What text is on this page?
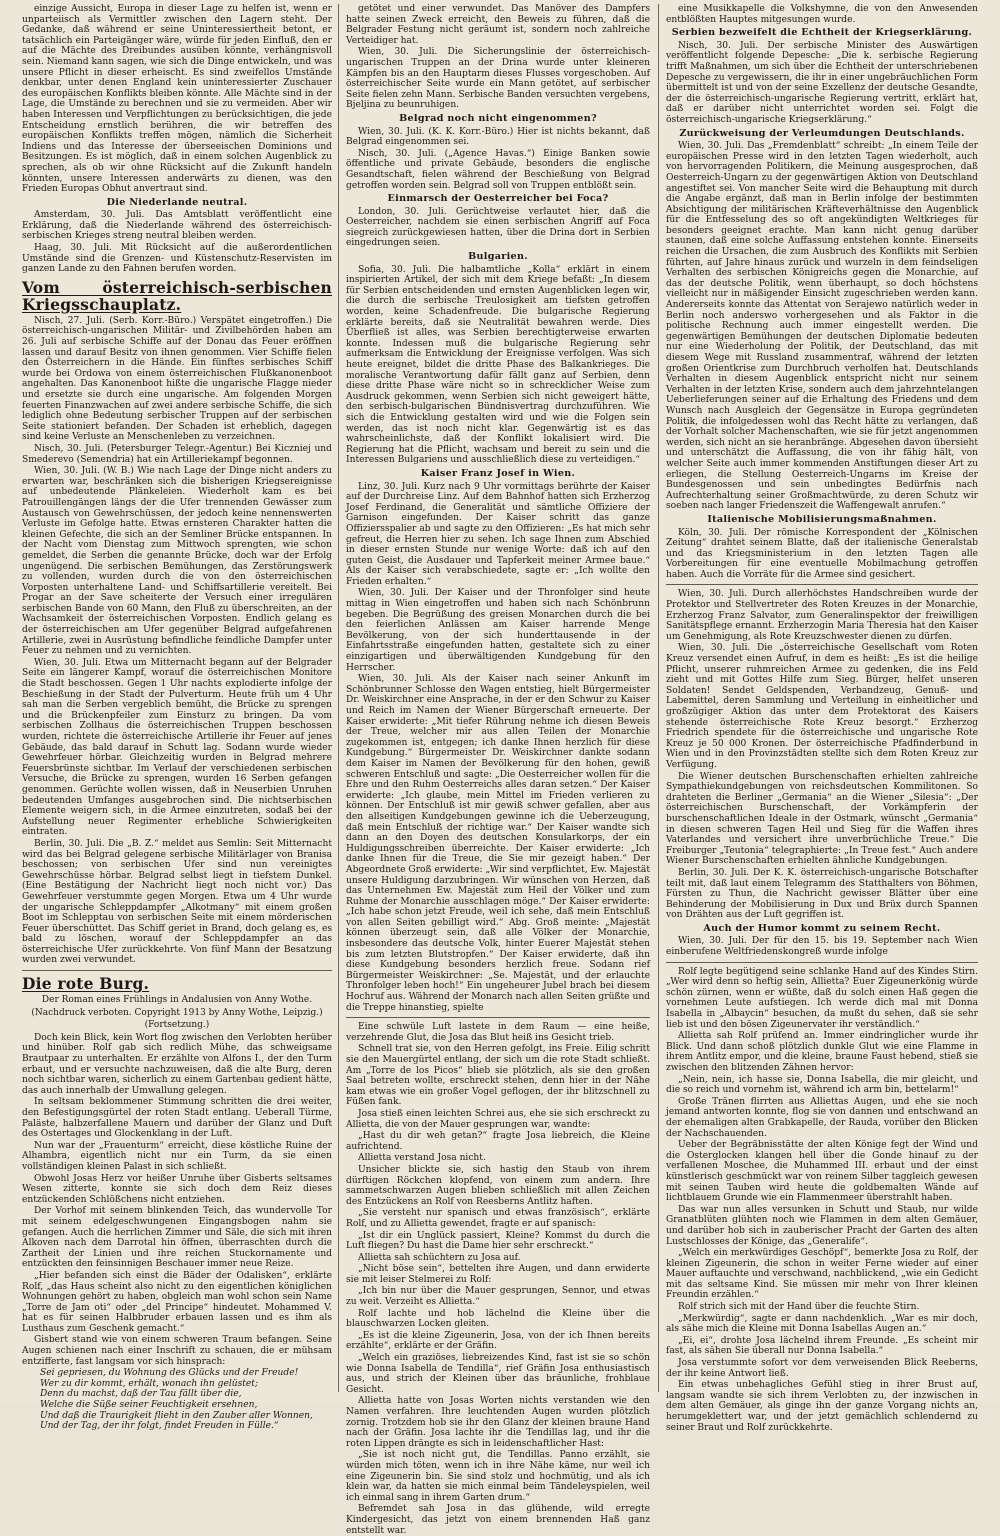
einzige Aussicht, Europa in dieser Lage zu helfen ist, wenn er unparteiisch als Vermittler zwischen den Lagern steht. Der Gedanke, daß während er seine Uninteressiertheit betont, er tatsächlich ein Parteigänger wäre, würde für jeden Einfluß, den er auf die Mächte des Dreibundes ausüben könnte, verhängnisvoll sein. Niemand kann sagen, wie sich die Dinge entwickeln, und was unsere Pflicht in dieser erheischt. Es sind zweifellos Umstände denkbar, unter denen England kein uninteressierter Zuschauer des europäischen Konflikts bleiben könnte. Alle Mächte sind in der Lage, die Umstände zu berechnen und sie zu vermeiden. Aber wir haben Interessen und Verpflichtungen zu berücksichtigen, die jede Entscheidung ernstlich berühren, die wir betreffen des europäischen Konflikts treffen mögen, nämlich die Sicherheit Indiens und das Interesse der überseeischen Dominions und Besitzungen. Es ist möglich, daß in einem solchen Augenblick zu sprechen, als ob wir ohne Rücksicht auf die Zukunft handeln könnten, unsere Interessen anderwärts zu dienen, was den Frieden Europas Obhut anvertraut sind.

Die Niederlande neutral.

Amsterdam, 30. Juli. Das Amtsblatt veröffentlicht eine Erklärung, daß die Niederlande während des österreichisch-serbischen Krieges streng neutral bleiben werden.

Haag, 30. Juli. Mit Rücksicht auf die außerordentlichen Umstände sind die Grenzen- und Küstenschutz-Reservisten im ganzen Lande zu den Fahnen berufen worden.

Vom österreichisch-serbischen Kriegsschauplatz.

Nisch, 27. Juli. (Serb. Korr.-Büro.) Verspätet eingetroffen.) Die österreichisch-ungarischen Militär- und Zivilbehörden haben am 26. Juli auf serbische Schiffe auf der Donau das Feuer eröffnen lassen und darauf Besitz von ihnen genommen. Vier Schiffe fielen den Österreichern in die Hände. Ein fünftes serbisches Schiff wurde bei Ordowa von einem österreichischen Flußkanonenboot angehalten. Das Kanonenboot hißte die ungarische Flagge nieder und ersetzte sie durch eine ungarische. Am folgenden Morgen feuerten Finanzwachen auf zwei andere serbische Schiffe, die sich lediglich ohne Bedeutung serbischer Truppen auf der serbischen Seite stationiert befanden. Der Schaden ist erheblich, dagegen sind keine Verluste an Menschenleben zu verzeichnen.

Nisch, 30. Juli. (Petersburger Telegr.-Agentur.) Bei Kiczniej und Smederevo (Semendria) hat ein Artilleriekampf begonnen.

Wien, 30. Juli. (W. B.) Wie nach Lage der Dinge nicht anders zu erwarten war, beschränken sich die bisherigen Kriegsereignisse auf unbedeutende Plänkeleien. Wiederholt kam es bei Patrouillengängen längs der die Ufer trennenden Gewässer zum Austausch von Gewehrschüssen, der jedoch keine nennenswerten Verluste im Gefolge hatte. Etwas ernsteren Charakter hatten die kleinen Gefechte, die sich an der Semliner Brücke entspannen. In der Nacht vom Dienstag zum Mittwoch sprengten, wie schon gemeldet, die Serben die genannte Brücke, doch war der Erfolg ungenügend. Die serbischen Bemühungen, das Zerstörungswerk zu vollenden, wurden durch die von den österreichischen Vorposten unterhaltene Land- und Schiffsartillerie vereitelt. Bei Progar an der Save scheiterte der Versuch einer irregulären serbischen Bande von 60 Mann, den Fluß zu überschreiten, an der Wachsamkeit der österreichischen Vorposten. Endlich gelang es der österreichischen am Ufer gegenüber Belgrad aufgefahrenen Artillerie, zwei in Ausrüstung befindliche feindliche Dampfer unter Feuer zu nehmen und zu vernichten.

Wien, 30. Juli. Etwa um Mitternacht begann auf der Belgrader Seite ein längerer Kampf, worauf die österreichischen Monitore die Stadt beschossen. Gegen 1 Uhr nachts explodierte infolge der Beschießung in der Stadt der Pulverturm. Heute früh um 4 Uhr sah man die Serben vergeblich bemüht, die Brücke zu sprengen und die Brückenpfeiler zum Einsturz zu bringen. Da vom serbischen Zollhaus die österreichischen Truppen beschossen wurden, richtete die österreichische Artillerie ihr Feuer auf jenes Gebäude, das bald darauf in Schutt lag. Sodann wurde wieder Gewehrfeuer hörbar. Gleichzeitig wurden in Belgrad mehrere Feuersbrünste sichtbar. Im Verlauf der verschiedenen serbischen Versuche, die Brücke zu sprengen, wurden 16 Serben gefangen genommen. Gerüchte wollen wissen, daß in Neuserbien Unruhen bedeutenden Umfanges ausgebrochen sind. Die nichtserbischen Elemente weigern sich, in die Armee einzutreten, sodaß bei der Aufstellung neuer Regimenter erhebliche Schwierigkeiten eintraten.

Berlin, 30. Juli. Die „B. Z.“ meldet aus Semlin: Seit Mitternacht wird das bei Belgrad gelegene serbische Militärlager von Branisa beschossen; von serbischen Ufer sind nun vereinigtes Gewehrschüsse hörbar. Belgrad selbst liegt in tiefstem Dunkel. (Eine Bestätigung der Nachricht liegt noch nicht vor.) Das Gewehrfeuer verstummte gegen Morgen. Etwa um 4 Uhr wurde der ungarische Schleppdampfer „Alkotmany“ mit einem großen Boot im Schlepptau von serbischen Seite mit einem mörderischen Feuer überschüttet. Das Schiff geriet in Brand, doch gelang es, es bald zu löschen, worauf der Schleppdampfer an das österreichische Ufer zurückkehrte. Von fünf Mann der Besatzung wurden zwei verwundet.

Die rote Burg.
Der Roman eines Frühlings in Andalusien von Anny Wothe.
(Nachdruck verboten. Copyright 1913 by Anny Wothe, Leipzig.)
(Fortsetzung.)

Doch kein Blick, kein Wort flog zwischen den Verlobten herüber und hinüber. Rolf gab sich redlich Mühe, das schweigsame Brautpaar zu unterhalten. Er erzählte von Alfons I., der den Turm erbaut, und er versuchte nachzuweisen, daß die alte Burg, deren noch sichtbar waren, sicherlich zu einem Gartenbau gedient hätte, das auch innerhalb der Umwallung gelegen.

In seltsam beklommener Stimmung schritten die drei weiter, den Befestigungsgürtel der roten Stadt entlang. Ueberall Türme, Paläste, halbzerfallene Mauern und darüber der Glanz und Duft des Ostertages und Glockenklang in der Luft.

Nun war der „Frauenturm“ erreicht, diese köstliche Ruine der Alhambra, eigentlich nicht nur ein Turm, da sie einen vollständigen kleinen Palast in sich schließt.

Obwohl Josas Herz vor heißer Unruhe über Gisberts seltsames Wesen zitterte, konnte sie sich doch dem Reiz dieses entzückenden Schlößchens nicht entziehen.

Der Vorhof mit seinem blinkenden Teich, das wundervolle Tor mit seinem edelgeschwungenen Eingangsbogen nahm sie gefangen. Auch die herrlichen Zimmer und Säle, die sich mit ihren Alkoven nach dem Darrotal hin öffnen, überraschten durch die Zartheit der Linien und ihre reichen Stuckornamente und entzückten den feinsinnigen Beschauer immer neue Reize.

„Hier befanden sich einst die Bäder der Odalisken“, erklärte Rolf, „das Haus scheint also nicht zu den eigentlichen königlichen Wohnungen gehört zu haben, obgleich man wohl schon sein Name „Torre de Jam oti“ oder „del Principe“ hindeutet. Mohammed V. hat es für seinen Halbbruder erbauen lassen und es ihm als Lusthaus zum Geschenk gemacht.“

Gisbert stand wie von einem schweren Traum befangen. Seine Augen schienen nach einer Inschrift zu schauen, die er mühsam entzifferte, fast langsam vor sich hinsprach:

Sei gepriesen, du Wohnung des Glücks und der Freude!
Wer zu dir kommt, erhält, wonach ihn gelüstet;
Denn du machst, daß der Tau fällt über die,
Welche die Süße seiner Feuchtigkeit ersehnen,
Und daß die Traurigkeit flieht in den Zauber aller Wonnen,
Und der Tag, der ihr folgt, findet Freuden in Fülle.“

getötet und einer verwundet. Das Manöver des Dampfers hatte seinen Zweck erreicht, den Beweis zu führen, daß die Belgrader Festung nicht geräumt ist, sondern noch zahlreiche Verteidiger hat.

Wien, 30. Juli. Die Sicherungslinie der österreichisch-ungarischen Truppen an der Drina wurde unter kleineren Kämpfen bis an den Hauptarm dieses Flusses vorgeschoben. Auf österreichischer Seite wurde ein Mann getötet, auf serbischer Seite fielen zehn Mann. Serbische Banden versuchten vergebens, Bjeljina zu beunruhigen.

Belgrad noch nicht eingenommen?

Wien, 30. Juli. (K. K. Korr.-Büro.) Hier ist nichts bekannt, daß Belgrad eingenommen sei.

Nisch, 30. Juli. („Agence Havas.“) Einige Banken sowie öffentliche und private Gebäude, besonders die englische Gesandtschaft, fielen während der Beschießung von Belgrad getroffen worden sein. Belgrad soll von Truppen entblößt sein.

Einmarsch der Oesterreicher bei Foca?

London, 30. Juli. Gerüchtweise verlautet hier, daß die Oesterreicher, nachdem sie einen serbischen Angriff auf Foca siegreich zurückgewiesen hatten, über die Drina dort in Serbien eingedrungen seien.

Bulgarien.

Sofia, 30. Juli. Die halbamtliche „Kolla“ erklärt in einem inspirierten Artikel, der sich mit dem Kriege befaßt: „In diesem für Serbien entscheidenden und ernsten Augenblicken legen wir, die durch die serbische Treulosigkeit am tiefsten getroffen worden, keine Schadenfreude. Die bulgarische Regierung erklärte bereits, daß sie Neutralität bewahren werde. Dies Überfließ ist alles, was Serbien berechtigterweise erwarten konnte. Indessen muß die bulgarische Regierung sehr aufmerksam die Entwicklung der Ereignisse verfolgen. Was sich heute ereignet, bildet die dritte Phase des Balkankrieges. Die moralische Verantwortung dafür fällt ganz auf Serbien, denn diese dritte Phase wäre nicht so in schrecklicher Weise zum Ausdruck gekommen, wenn Serbien sich nicht geweigert hätte, den serbisch-bulgarischen Bündnisvertrag durchzuführen. Wie sich die Entwicklung gestalten wird und wie die Folgen sein werden, das ist noch nicht klar. Gegenwärtig ist es das wahrscheinlichste, daß der Konflikt lokalisiert wird. Die Regierung hat die Pflicht, wachsam und bereit zu sein und die Interessen Bulgariens und ausschließlich diese zu verteidigen.“

Kaiser Franz Josef in Wien.

Linz, 30. Juli. Kurz nach 9 Uhr vormittags berührte der Kaiser auf der Durchreise Linz. Auf dem Bahnhof hatten sich Erzherzog Josef Ferdinand, die Generalität und sämtliche Offiziere der Garnison eingefunden. Der Kaiser schritt das ganze Offiziersspalier ab und sagte zu den Offizieren: „Es hat mich sehr gefreut, die Herren hier zu sehen. Ich sage Ihnen zum Abschied in dieser ernsten Stunde nur wenige Worte: daß ich auf den guten Geist, die Ausdauer und Tapferkeit meiner Armee baue.“ Als der Kaiser sich verabschiedete, sagte er: „Ich wollte den Frieden erhalten.“

Wien, 30. Juli. Der Kaiser und der Thronfolger sind heute mittag in Wien eingetroffen und haben sich nach Schönbrunn begeben. Die Begrüßung des greisen Monarchen durch die bei den feierlichen Anlässen am Kaiser harrende Menge Bevölkerung, von der sich hunderttausende in der Einfahrtsstraße eingefunden hatten, gestaltete sich zu einer einzigartigen und überwältigenden Kundgebung für den Herrscher.

Wien, 30. Juli. Als der Kaiser nach seiner Ankunft im Schönbrunner Schlosse den Wagen entstieg, hielt Bürgermeister Dr. Weiskirchner eine Ansprache, in der er den Schwur zu Kaiser und Reich im Namen der Wiener Bürgerschaft erneuerte. Der Kaiser erwiderte: „Mit tiefer Rührung nehme ich diesen Beweis der Treue, welcher mir aus allen Teilen der Monarchie zugekommen ist, entgegen; ich danke Ihnen herzlich für diese Kundgebung.“ Bürgermeister Dr. Weiskirchner dankte sodann dem Kaiser im Namen der Bevölkerung für den hohen, gewiß schweren Entschluß und sagte: „Die Oesterreicher wollen für die Ehre und den Ruhm Oesterreichs alles daran setzen.“ Der Kaiser erwiderte: „Ich glaube, mein Mittel im Frieden verlieren zu können. Der Entschluß ist mir gewiß schwer gefallen, aber aus den allseitigen Kundgebungen gewinne ich die Ueberzeugung, daß mein Entschluß der richtige war.“ Der Kaiser wandte sich dann an den Doyen des deutschen Konsularkorps, der ein Huldigungsschreiben überreichte. Der Kaiser erwiderte: „Ich danke Ihnen für die Treue, die Sie mir gezeigt haben.“ Der Abgeordnete Groß erwiderte: „Wir sind verpflichtet, Ew. Majestät unsere Huldigung darzubringen. Wir wünschen von Herzen, daß das Unternehmen Ew. Majestät zum Heil der Völker und zum Ruhme der Monarchie ausschlagen möge.“ Der Kaiser erwiderte: „Ich habe schon jetzt Freude, weil ich sehe, daß mein Entschluß von allen Seiten gebilligt wird.“ Abg. Groß meinte: „Majestät können überzeugt sein, daß alle Völker der Monarchie, insbesondere das deutsche Volk, hinter Euerer Majestät stehen bis zum letzten Blutstropfen.“ Der Kaiser erwiderte, daß ihn diese Kundgebung besonders herzlich freue. Sodann rief Bürgermeister Weiskirchner: „Se. Majestät, und der erlauchte Thronfolger leben hoch!“ Ein ungeheurer Jubel brach bei diesem Hochruf aus. Während der Monarch nach allen Seiten grüßte und die Treppe hinanstieg, spielte

Eine schwüle Luft lastete in dem Raum — eine heiße, verzehrende Glut, die Josa das Blut heiß ins Gesicht trieb.

Schnell trat sie, von den Herren gefolgt, ins Freie. Eilig schritt sie den Mauergürtel entlang, der sich um die rote Stadt schließt. Am „Torre de los Picos“ blieb sie plötzlich, als sie den großen Saal betreten wollte, erschreckt stehen, denn hier in der Nähe kam etwas wie ein großer Vogel geflogen, der ihr blitzschnell zu Füßen fank.

Josa stieß einen leichten Schrei aus, ehe sie sich erschreckt zu Allietta, die von der Mauer gesprungen war, wandte:

„Hast du dir weh getan?“ fragte Josa liebreich, die Kleine aufrichtend.

Allietta verstand Josa nicht.

Unsicher blickte sie, sich hastig den Staub von ihrem dürftigen Röckchen klopfend, von einem zum andern. Ihre sammetschwarzen Augen blieben schließlich mit allen Zeichen des Entzückens an Rolf von Reesberns Antlitz haften.

„Sie versteht nur spanisch und etwas französisch“, erklärte Rolf, und zu Allietta gewendet, fragte er auf spanisch:

„Ist dir ein Unglück passiert, Kleine? Kommst du durch die Luft fliegen? Du hast die Dame hier sehr erschreckt.“

Allietta sah schüchtern zu Josa auf.

„Nicht böse sein“, bettelten ihre Augen, und dann erwiderte sie mit leiser Stelmerei zu Rolf:

„Ich bin nur über die Mauer gesprungen, Sennor, und etwas zu weit. Verzeiht es Allietta.“

Rolf lachte und hob lächelnd die Kleine über die blauschwarzen Locken gleiten.

„Es ist die kleine Zigeunerin, Josa, von der ich Ihnen bereits erzählte“, erklärte er der Gräfin.

„Welch ein graziöses, liebreizendes Kind, fast ist sie so schön wie Donna Isabella de Tendilla“, rief Gräfin Josa enthusiastisch aus, und strich der Kleinen über das bräunliche, frohblaue Gesicht.

Allietta hatte von Josas Worten nichts verstanden wie den Namen verfahren. Ihre leuchtenden Augen wurden plötzlich zornig. Trotzdem hob sie ihr den Glanz der kleinen braune Hand nach der Gräfin. Josa lachte ihr die Tendillas lag, und ihr die roten Lippen drängte es sich in leidenschaftlicher Hast:

„Sie ist noch nicht gut, die Tendillas. Panno erzählt, sie würden mich töten, wenn ich in ihre Nähe käme, nur weil ich eine Zigeunerin bin. Sie sind stolz und hochmütig, und als ich klein war, da hatten sie mich einmal beim Tändeleyspielen, weil ich einmal sang in ihrem Garten drum.“

Befremdet sah Josa in das glühende, wild erregte Kindergesicht, das jetzt von einem brennenden Haß ganz entstellt war.

eine Musikkapelle die Volkshymne, die von den Anwesenden entblößten Hauptes mitgesungen wurde.

Serbien bezweifelt die Echtheit der Kriegserklärung.

Nisch, 30. Juli. Der serbische Minister des Auswärtigen veröffentlicht folgende Depesche: „Die k. serbische Regierung trifft Maßnahmen, um sich über die Echtheit der unterschriebenen Depesche zu vergewissern, die ihr in einer ungebräuchlichen Form übermittelt ist und von der seine Exzellenz der deutsche Gesandte, der die österreichisch-ungarische Regierung vertritt, erklärt hat, daß er darüber nicht unterrichtet worden sei. Folgt die österreichisch-ungarische Kriegserklärung.“

Zurückweisung der Verleumdungen Deutschlands.

Wien, 30. Juli. Das „Fremdenblatt“ schreibt: „In einem Teile der europäischen Presse wird in den letzten Tagen wiederholt, auch von hervorragenden Politikern, die Meinung ausgesprochen, daß Oesterreich-Ungarn zu der gegenwärtigen Aktion von Deutschland angestiftet sei. Von mancher Seite wird die Behauptung mit durch die Angabe ergänzt, daß man in Berlin infolge der bestimmten Absichtigung der militärischen Kräfteverhältnisse den Augenblick für die Entfesselung des so oft angekündigten Weltkrieges für besonders geeignet erachte. Man kann nicht genug darüber staunen, daß eine solche Auffassung entstehen konnte. Einerseits reichen die Ursachen, die zum Ausbruch des Konflikts mit Serbien führten, auf Jahre hinaus zurück und wurzeln in dem feindseligen Verhalten des serbischen Königreichs gegen die Monarchie, auf das der deutsche Politik, wenn überhaupt, so doch höchstens vielleicht nur in mäßigender Einsicht zugeschrieben werden kann. Andererseits konnte das Attentat von Serajewo natürlich weder in Berlin noch anderswo vorhergesehen und als Faktor in die politische Rechnung auch immer eingestellt werden. Die gegenwärtigen Bemühungen der deutschen Diplomatie bedeuten nur eine Wiederholung der Politik, der Deutschland, das mit diesem Wege mit Russland zusammentraf, während der letzten großen Orientkrise zum Durchbruch verholfen hat. Deutschlands Verhalten in diesem Augenblick entspricht nicht nur seinem Verhalten in der letzten Krise, sondern auch dem jahrzehntelangen Ueberlieferungen seiner auf die Erhaltung des Friedens und dem Wunsch nach Ausgleich der Gegensätze in Europa gegründeten Politik, die infolgedessen wohl das Recht hätte zu verlangen, daß der Vorhalt solcher Machenschaften, wie sie für jetzt angenommen werden, sich nicht an sie heranbränge. Abgesehen davon übersieht und unterschätzt die Auffassung, die von ihr fähig hält, von welcher Seite auch immer kommenden Anstiftungen dieser Art zu erliegen, die Stellung Oesterreich-Ungarns im Kreise der Bundesgenossen und sein unbedingtes Bedürfnis nach Aufrechterhaltung seiner Großmachtwürde, zu deren Schutz wir soeben nach langer Friedenszeit die Waffengewalt anrufen.“

Italienische Mobilisierungsmaßnahmen.

Köln, 30. Juli. Der römische Korrespondent der „Kölnischen Zeitung“ drahtet seinem Blatte, daß der italienische Generalstab und das Kriegsministerium in den letzten Tagen alle Vorbereitungen für eine eventuelle Mobilmachung getroffen haben. Auch die Vorräte für die Armee sind gesichert.

Wien, 30. Juli. Durch allerhöchstes Handschreiben wurde der Protektor und Stellvertreter des Roten Kreuzes in der Monarchie, Erzherzog Franz Salvator, zum Generalinspektor der freiwilligen Sanitätspflege ernannt. Erzherzogin Maria Theresia hat den Kaiser um Genehmigung, als Rote Kreuzschwester dienen zu dürfen.

Wien, 30. Juli. Die „österreichische Gesellschaft vom Roten Kreuz versendet einen Aufruf, in dem es heißt: „Es ist die heilige Pflicht, unserer ruhmreichen Armee zu gedenken, die ins Feld zieht und mit Gottes Hilfe zum Sieg. Bürger, helfet unseren Soldaten! Sendet Geldspenden, Verbandzeug, Genuß- und Labemittel, deren Sammlung und Verteilung in einheitlicher und großzügiger Aktion das unter dem Protektorat des Kaisers stehende österreichische Rote Kreuz besorgt.“ Erzherzog Friedrich spendete für die österreichische und ungarische Rote Kreuz je 50 000 Kronen. Der österreichische Pfadfinderbund in Wien und in den Provinzstädten stellte sich dem Roten Kreuz zur Verfügung.

Die Wiener deutschen Burschenschaften erhielten zahlreiche Sympathiekundgebungen von reichsdeutschen Kommilitonen. So drahteten die Berliner „Germania“ an die Wiener „Silesia“: „Der österreichischen Burschenschaft, der Vorkämpferin der burschenschaftlichen Ideale in der Ostmark, wünscht „Germania“ in diesen schweren Tagen Heil und Sieg für die Waffen ihres Vaterlandes und versichert ihre unverbrüchliche Treue.“ Die Freiburger „Teutonia“ telegraphierte: „In Treue fest.“ Auch andere Wiener Burschenschaften erhielten ähnliche Kundgebungen.

Berlin, 30. Juli. Der K. K. österreichisch-ungarische Botschafter teilt mit, daß laut einem Telegramm des Statthalters von Böhmen, Fürsten zu Thun, die Nachricht gewisser Blätter über eine Behinderung der Mobilisierung in Dux und Brüx durch Spannen von Drähten aus der Luft gegriffen ist.

Auch der Humor kommt zu seinem Recht.

Wien, 30. Juli. Der für den 15. bis 19. September nach Wien einberufene Weltfriedenskongreß wurde infolge

Rolf legte begütigend seine schlanke Hand auf des Kindes Stirn. „Wer wird denn so heftig sein, Allietta? Euer Zigeunerkönig würde schön zürnen, wenn er wüßte, daß du solch einen Haß gegen die vornehmen Leute aufstiegen. Ich werde dich mal mit Donna Isabella in „Albaycin“ besuchen, da mußt du sehen, daß sie sehr lieb ist und den bösen Zigeunervater ihr verständlich.“

Allietta sah Rolf prüfend an. Immer eindringlicher wurde ihr Blick. Und dann schoß plötzlich dunkle Glut wie eine Flamme in ihrem Antlitz empor, und die kleine, braune Faust hebend, stieß sie zwischen den blitzenden Zähnen hervor:

„Nein, nein, ich hasse sie, Donna Isabella, die mir gleicht, und die so reich und vornehm ist, während ich arm bin, bettelarm!“

Große Tränen flirrten aus Alliettas Augen, und ehe sie noch jemand antworten konnte, flog sie von dannen und entschwand an der ehemaligen alten Grabkapelle, der Rauda, vorüber den Blicken der Nachschauenden.

Ueber der Begräbnisstätte der alten Könige fegt der Wind und die Osterglocken klangen hell über die Gonde hinauf zu der verfallenen Moschee, die Muhammed III. erbaut und der einst künstlerisch geschmückt war von reinem Silber taggleich gewesen mit seinen Tauben wird heute die goldbemalten Wände auf lichtblauem Grunde wie ein Flammenmeer überstrahlt haben.

Das war nun alles versunken in Schutt und Staub, nur wilde Granatblüten glühten noch wie Flammen in dem alten Gemäuer, und darüber hob sich in zauberischer Pracht der Garten des alten Lustschlosses der Könige, das „Generalife“.

„Welch ein merkwürdiges Geschöpf“, bemerkte Josa zu Rolf, der kleinen Zigeunerin, die schon in weiter Ferne wieder auf einer Mauer auftauchte und verschwand, nachblickend, „wie ein Gedicht mit das seltsame Kind. Sie müssen mir mehr von Ihrer kleinen Freundin erzählen.“

Rolf strich sich mit der Hand über die feuchte Stirn.

„Merkwürdig“, sagte er dann nachdenklich. „War es mir doch, als sähe mich die Kleine mit Donna Isabellas Augen an.“

„Ei, ei“, drohte Josa lächelnd ihrem Freunde. „Es scheint mir fast, als sähen Sie überall nur Donna Isabella.“

Josa verstummte sofort vor dem verweisenden Blick Reeberns, der ihr keine Antwort ließ.

Ein etwas unbehagliches Gefühl stieg in ihrer Brust auf, langsam wandte sie sich ihrem Verlobten zu, der inzwischen in dem alten Gemäuer, als ginge ihn der ganze Vorgang nichts an, herumgeklettert war, und der jetzt gemächlich schlendernd zu seiner Braut und Rolf zurückkehrte.
